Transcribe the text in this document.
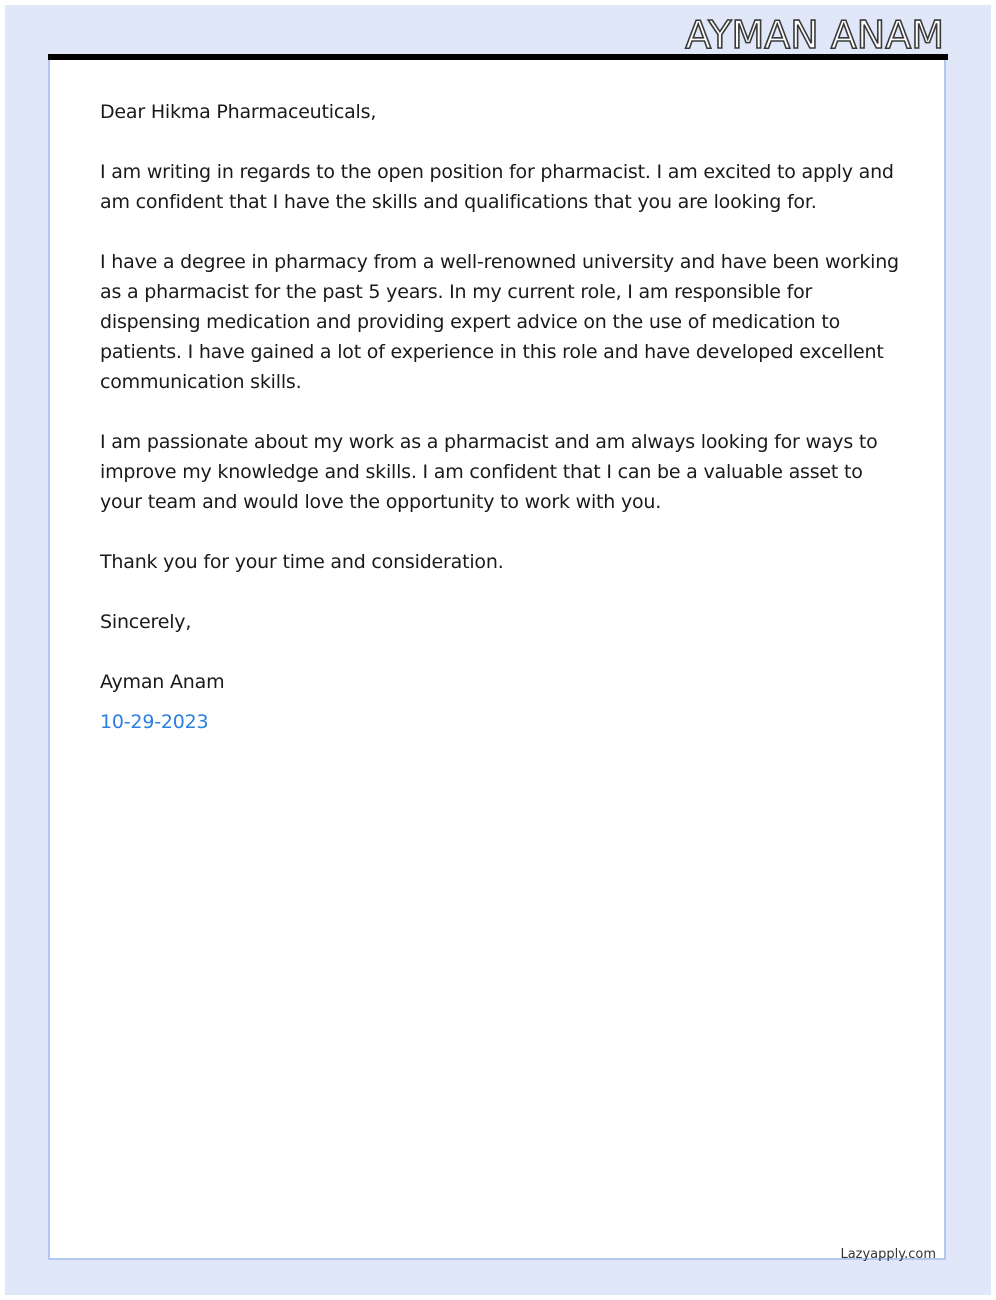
AYMAN ANAM

Dear Hikma Pharmaceuticals,

I am writing in regards to the open position for pharmacist. I am excited to apply and am confident that I have the skills and qualifications that you are looking for.

I have a degree in pharmacy from a well-renowned university and have been working as a pharmacist for the past 5 years. In my current role, I am responsible for dispensing medication and providing expert advice on the use of medication to patients. I have gained a lot of experience in this role and have developed excellent communication skills.

I am passionate about my work as a pharmacist and am always looking for ways to improve my knowledge and skills. I am confident that I can be a valuable asset to your team and would love the opportunity to work with you.

Thank you for your time and consideration.

Sincerely,

Ayman Anam

10-29-2023

Lazyapply.com
